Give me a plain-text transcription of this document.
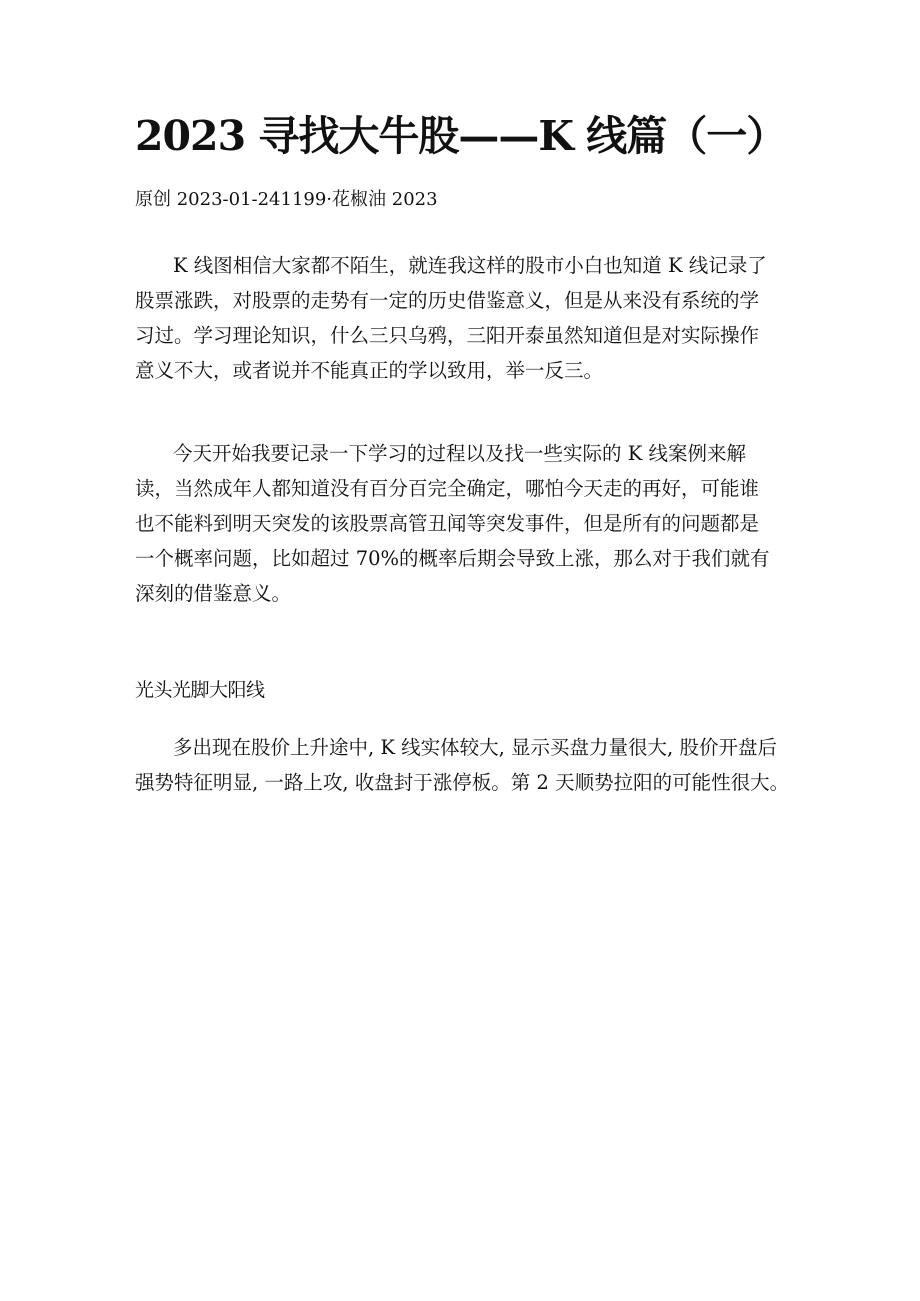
2023 寻找大牛股——K 线篇（一）
原创 2023-01-241199·花椒油 2023

K 线图相信大家都不陌生，就连我这样的股市小白也知道 K 线记录了
股票涨跌，对股票的走势有一定的历史借鉴意义，但是从来没有系统的学
习过。学习理论知识，什么三只乌鸦，三阳开泰虽然知道但是对实际操作
意义不大，或者说并不能真正的学以致用，举一反三。

今天开始我要记录一下学习的过程以及找一些实际的 K 线案例来解
读，当然成年人都知道没有百分百完全确定，哪怕今天走的再好，可能谁
也不能料到明天突发的该股票高管丑闻等突发事件，但是所有的问题都是
一个概率问题，比如超过 70%的概率后期会导致上涨，那么对于我们就有
深刻的借鉴意义。

光头光脚大阳线

多出现在股价上升途中, K 线实体较大, 显示买盘力量很大, 股价开盘后
强势特征明显, 一路上攻, 收盘封于涨停板。第 2 天顺势拉阳的可能性很大。
